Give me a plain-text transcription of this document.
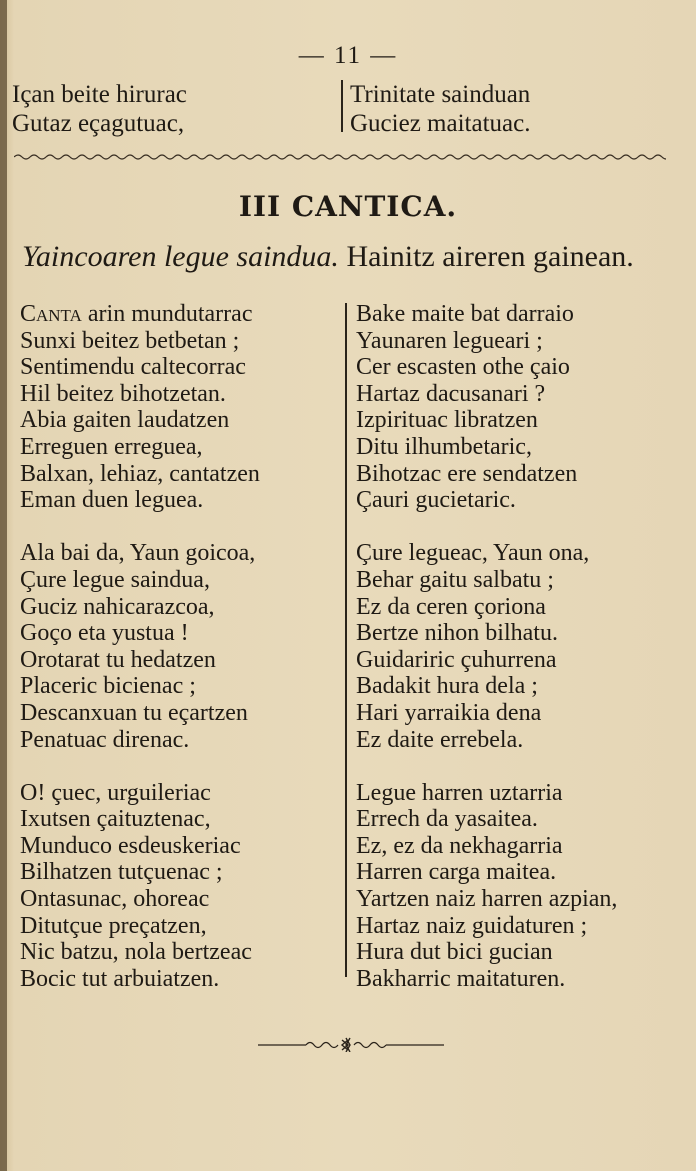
— 11 —
Içan beite hirurac
Gutaz eçagutuac,
Trinitate sainduan
Guciez maitatuac.
III CANTICA.
Yaincoaren legue saindua. Hainitz aireren gainean.
Canta arin mundutarrac
Sunxi beitez betbetan ;
Sentimendu caltecorrac
Hil beitez bihotzetan.
Abia gaiten laudatzen
Erreguen erreguea,
Balxan, lehiaz, cantatzen
Eman duen leguea.
Ala bai da, Yaun goicoa,
Çure legue saindua,
Guciz nahicarazcoa,
Goço eta yustua !
Orotarat tu hedatzen
Placeric bicienac ;
Descanxuan tu eçartzen
Penatuac direnac.
O! çuec, urguileriac
Ixutsen çaituztenac,
Munduco esdeuskeriac
Bilhatzen tutçuenac ;
Ontasunac, ohoreac
Ditutçue preçatzen,
Nic batzu, nola bertzeac
Bocic tut arbuiatzen.
Bake maite bat darraio
Yaunaren legueari ;
Cer escasten othe çaio
Hartaz dacusanari ?
Izpirituac libratzen
Ditu ilhumbetaric,
Bihotzac ere sendatzen
Çauri gucietaric.
Çure legueac, Yaun ona,
Behar gaitu salbatu ;
Ez da ceren çoriona
Bertze nihon bilhatu.
Guidariric çuhurrena
Badakit hura dela ;
Hari yarraikia dena
Ez daite errebela.
Legue harren uztarria
Errech da yasaitea.
Ez, ez da nekhagarria
Harren carga maitea.
Yartzen naiz harren azpian,
Hartaz naiz guidaturen ;
Hura dut bici gucian
Bakharric maitaturen.
